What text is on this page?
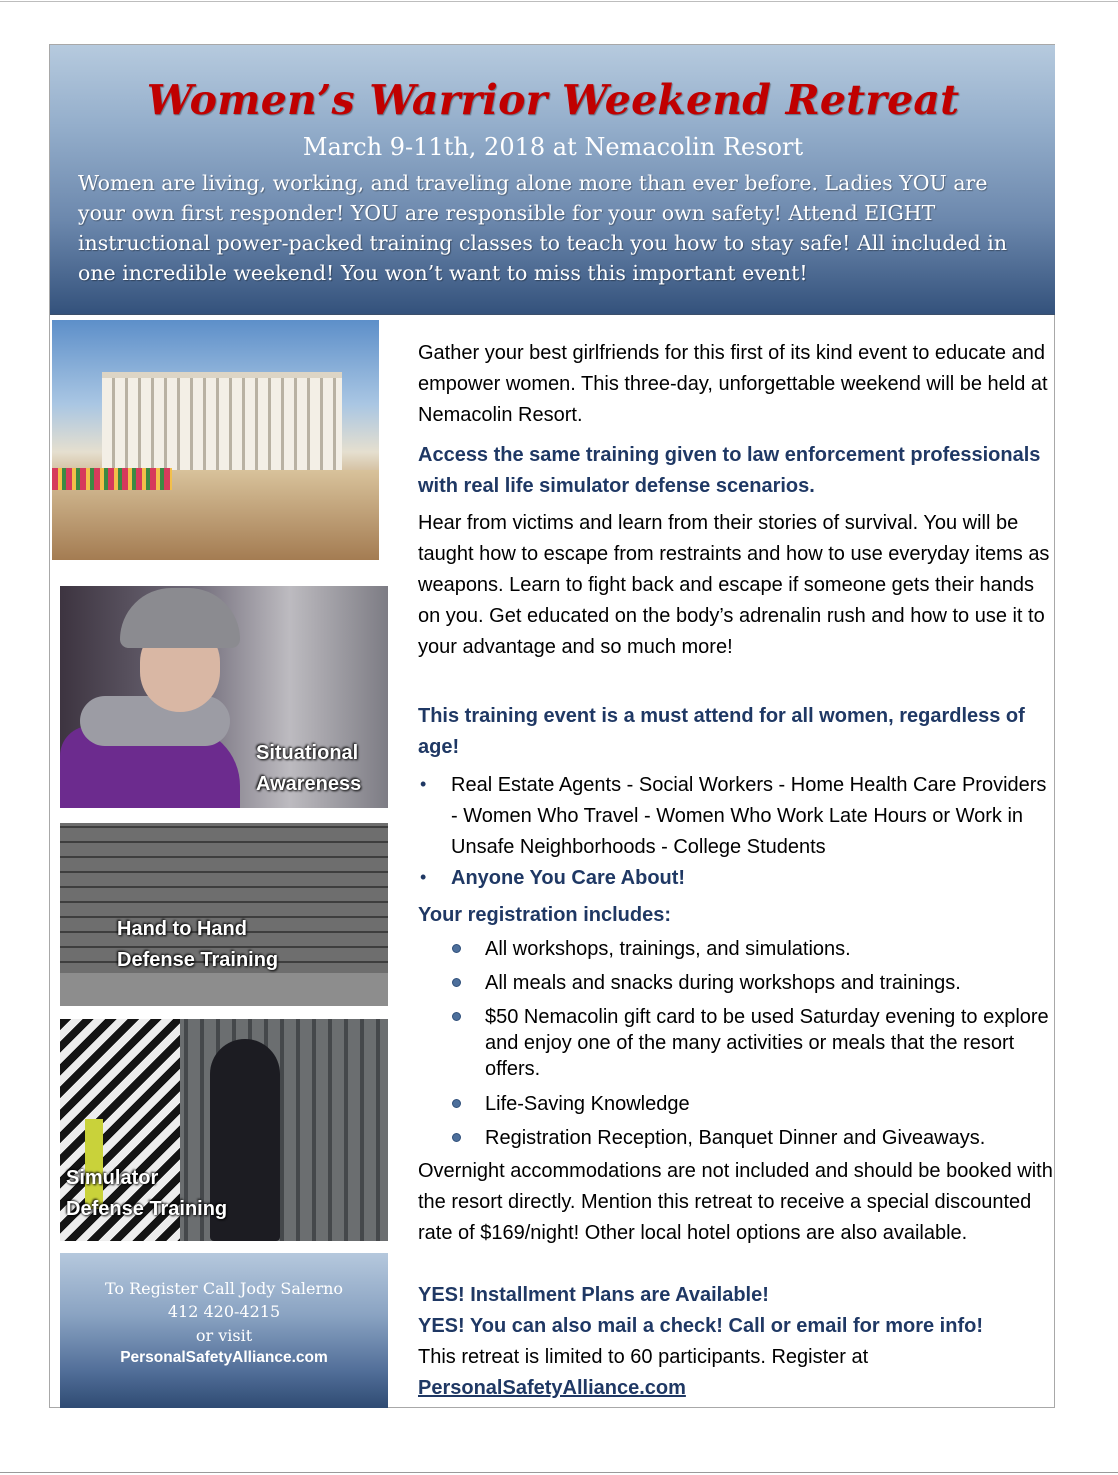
Women’s Warrior Weekend Retreat

March 9-11th, 2018 at Nemacolin Resort

Women are living, working, and traveling alone more than ever before. Ladies YOU are your own first responder! YOU are responsible for your own safety! Attend EIGHT instructional power-packed training classes to teach you how to stay safe! All included in one incredible weekend! You won’t want to miss this important event!

Situational
Awareness
Hand to Hand
Defense Training
Simulator
Defense Training
To Register Call Jody Salerno
412 420-4215
or visit
PersonalSafetyAlliance.com

Gather your best girlfriends for this first of its kind event to educate and empower women. This three-day, unforgettable weekend will be held at Nemacolin Resort.

Access the same training given to law enforcement professionals with real life simulator defense scenarios.

Hear from victims and learn from their stories of survival. You will be taught how to escape from restraints and how to use everyday items as weapons. Learn to fight back and escape if someone gets their hands on you. Get educated on the body’s adrenalin rush and how to use it to your advantage and so much more!

This training event is a must attend for all women, regardless of age!

• Real Estate Agents - Social Workers - Home Health Care Providers - Women Who Travel - Women Who Work Late Hours or Work in Unsafe Neighborhoods - College Students

• Anyone You Care About!

Your registration includes:

All workshops, trainings, and simulations.

All meals and snacks during workshops and trainings.

$50 Nemacolin gift card to be used Saturday evening to explore and enjoy one of the many activities or meals that the resort offers.

Life-Saving Knowledge

Registration Reception, Banquet Dinner and Giveaways.

Overnight accommodations are not included and should be booked with the resort directly. Mention this retreat to receive a special discounted rate of $169/night! Other local hotel options are also available.

YES! Installment Plans are Available!

YES! You can also mail a check! Call or email for more info!

This retreat is limited to 60 participants. Register at

PersonalSafetyAlliance.com
